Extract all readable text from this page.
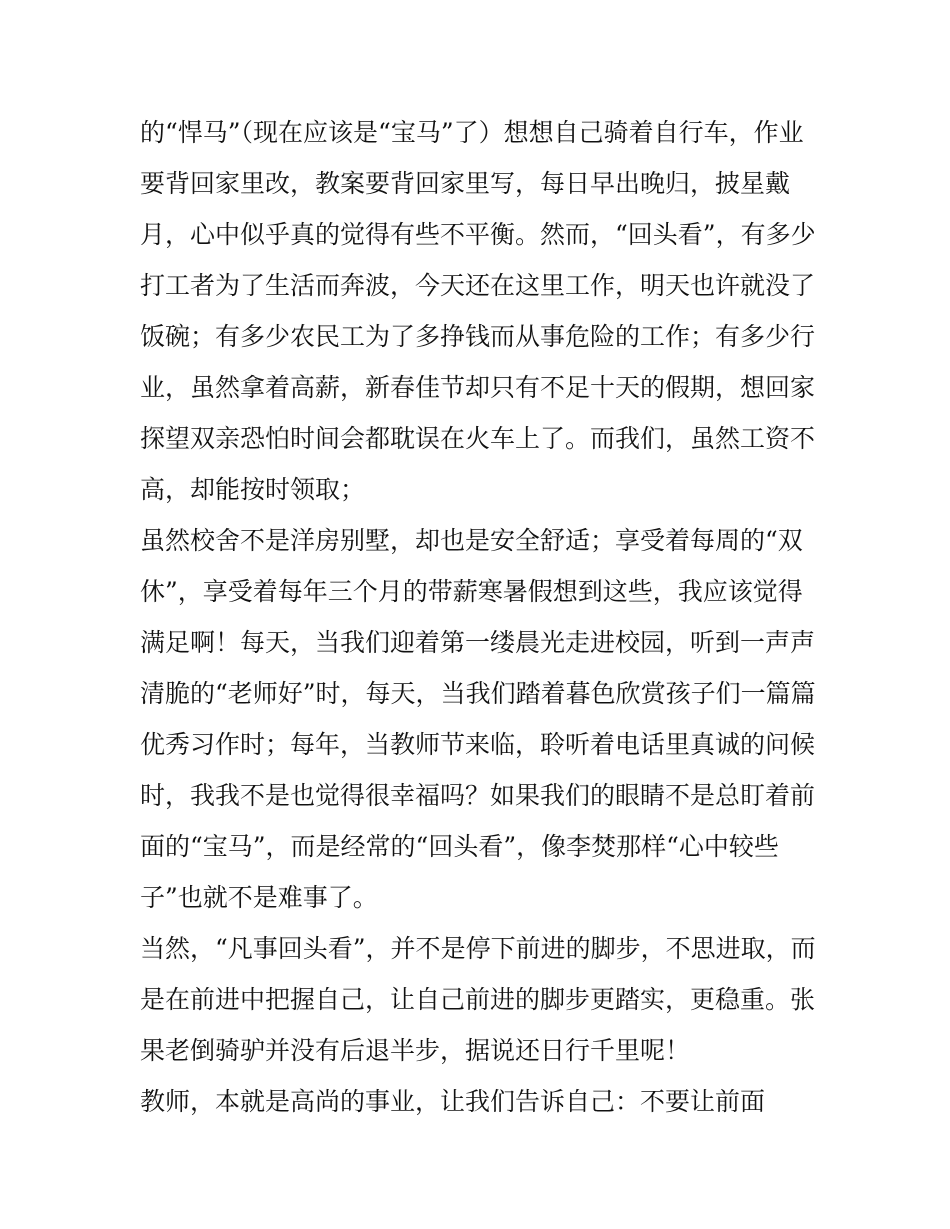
的“悍马”（现在应该是“宝马”了）想想自己骑着自行车，作业
要背回家里改，教案要背回家里写，每日早出晚归，披星戴
月，心中似乎真的觉得有些不平衡。然而，“回头看”，有多少
打工者为了生活而奔波，今天还在这里工作，明天也许就没了
饭碗；有多少农民工为了多挣钱而从事危险的工作；有多少行
业，虽然拿着高薪，新春佳节却只有不足十天的假期，想回家
探望双亲恐怕时间会都耽误在火车上了。而我们，虽然工资不
高，却能按时领取；
虽然校舍不是洋房别墅，却也是安全舒适；享受着每周的“双
休”，享受着每年三个月的带薪寒暑假想到这些，我应该觉得
满足啊！每天，当我们迎着第一缕晨光走进校园，听到一声声
清脆的“老师好”时，每天，当我们踏着暮色欣赏孩子们一篇篇
优秀习作时；每年，当教师节来临，聆听着电话里真诚的问候
时，我我不是也觉得很幸福吗？如果我们的眼睛不是总盯着前
面的“宝马”，而是经常的“回头看”，像李焚那样“心中较些
子”也就不是难事了。
当然，“凡事回头看”，并不是停下前进的脚步，不思进取，而
是在前进中把握自己，让自己前进的脚步更踏实，更稳重。张
果老倒骑驴并没有后退半步，据说还日行千里呢！
教师，本就是高尚的事业，让我们告诉自己：不要让前面
